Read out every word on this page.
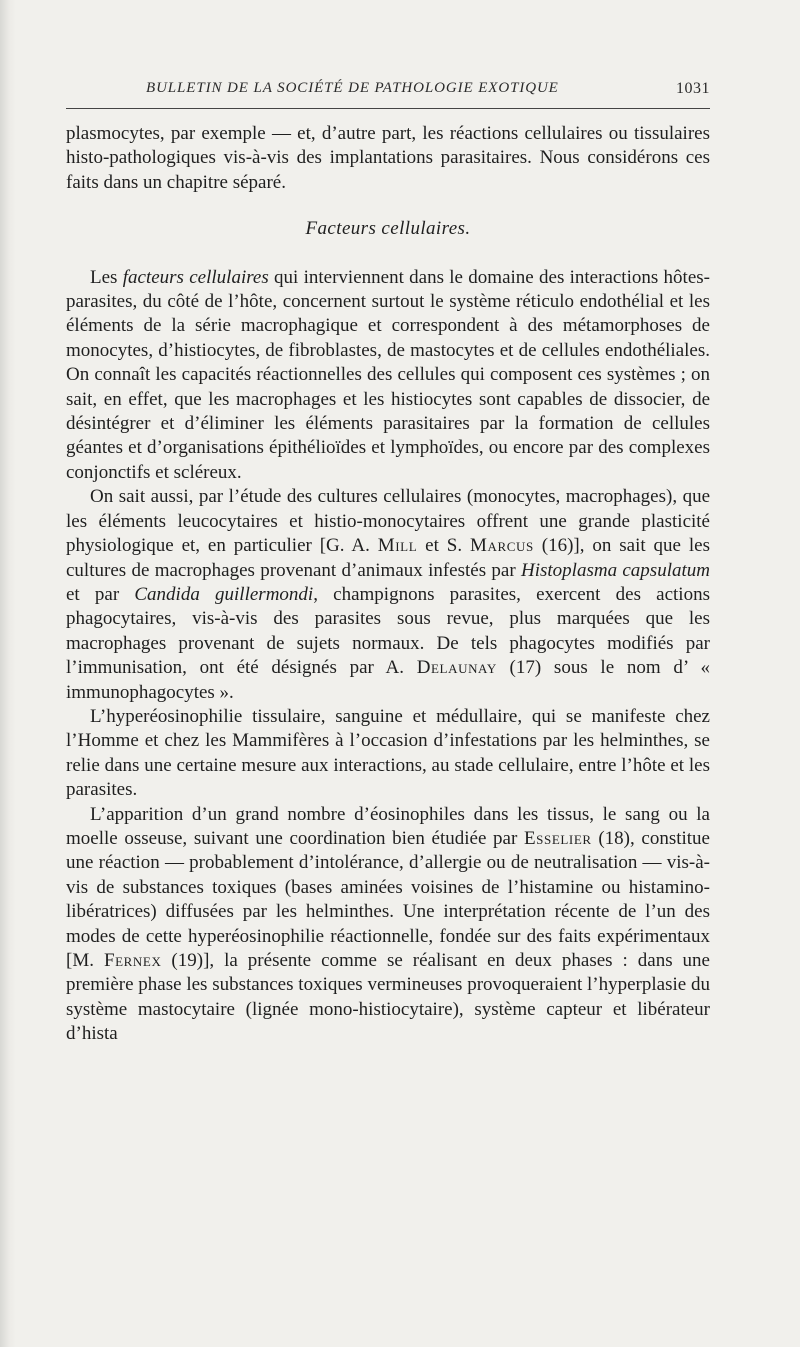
BULLETIN DE LA SOCIÉTÉ DE PATHOLOGIE EXOTIQUE	1031

plasmocytes, par exemple — et, d’autre part, les réactions cellulaires ou tissulaires histo-pathologiques vis-à-vis des implantations parasitaires. Nous considérons ces faits dans un chapitre séparé.

Facteurs cellulaires.

Les facteurs cellulaires qui interviennent dans le domaine des interactions hôtes-parasites, du côté de l’hôte, concernent surtout le système réticulo endothélial et les éléments de la série macrophagique et correspondent à des métamorphoses de monocytes, d’histiocytes, de fibroblastes, de mastocytes et de cellules endothéliales. On connaît les capacités réactionnelles des cellules qui composent ces systèmes ; on sait, en effet, que les macrophages et les histiocytes sont capables de dissocier, de désintégrer et d’éliminer les éléments parasitaires par la formation de cellules géantes et d’organisations épithélioïdes et lymphoïdes, ou encore par des complexes conjonctifs et scléreux.

On sait aussi, par l’étude des cultures cellulaires (monocytes, macrophages), que les éléments leucocytaires et histio-monocytaires offrent une grande plasticité physiologique et, en particulier [G. A. Mill et S. Marcus (16)], on sait que les cultures de macrophages provenant d’animaux infestés par Histoplasma capsulatum et par Candida guillermondi, champignons parasites, exercent des actions phagocytaires, vis-à-vis des parasites sous revue, plus marquées que les macrophages provenant de sujets normaux. De tels phagocytes modifiés par l’immunisation, ont été désignés par A. Delaunay (17) sous le nom d’ « immunophagocytes ».

L’hyperéosinophilie tissulaire, sanguine et médullaire, qui se manifeste chez l’Homme et chez les Mammifères à l’occasion d’infestations par les helminthes, se relie dans une certaine mesure aux interactions, au stade cellulaire, entre l’hôte et les parasites.

L’apparition d’un grand nombre d’éosinophiles dans les tissus, le sang ou la moelle osseuse, suivant une coordination bien étudiée par Esselier (18), constitue une réaction — probablement d’intolérance, d’allergie ou de neutralisation — vis-à-vis de substances toxiques (bases aminées voisines de l’histamine ou histamino-libératrices) diffusées par les helminthes. Une interprétation récente de l’un des modes de cette hyperéosinophilie réactionnelle, fondée sur des faits expérimentaux [M. Fernex (19)], la présente comme se réalisant en deux phases : dans une première phase les substances toxiques vermineuses provoqueraient l’hyperplasie du système mastocytaire (lignée mono-histiocytaire), système capteur et libérateur d’hista
